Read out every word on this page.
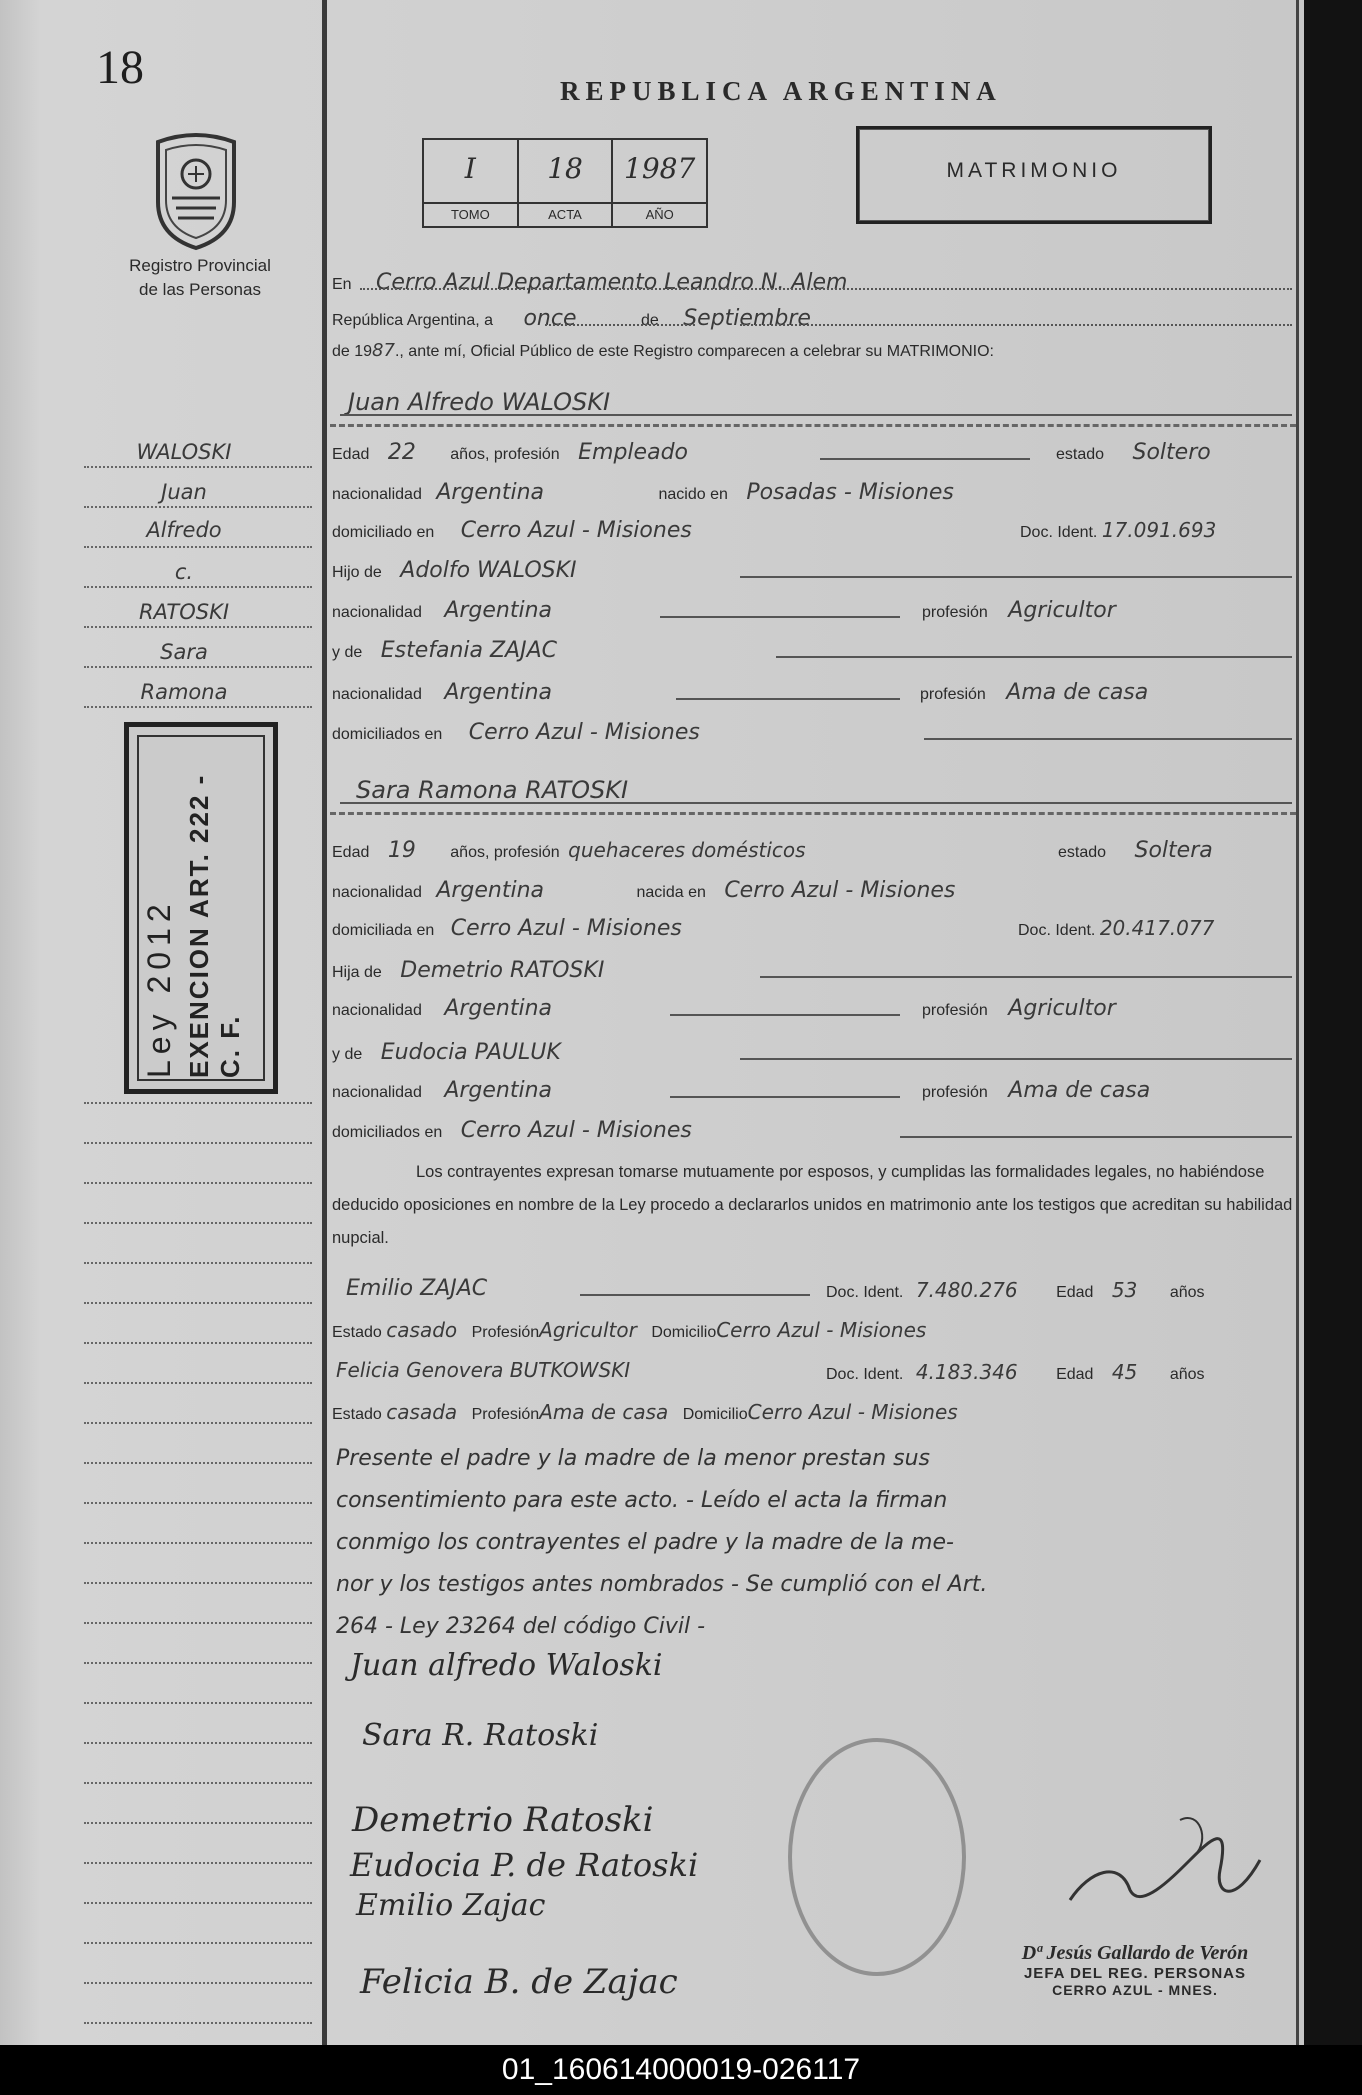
18
Registro Provincial
de las Personas
REPUBLICA ARGENTINA
I
TOMO
18
ACTA
1987
AÑO
MATRIMONIO
En Cerro Azul Departamento Leandro N. Alem
República Argentina, a once	de Septiembre
de 1987., ante mí, Oficial Público de este Registro comparecen a celebrar su MATRIMONIO:
Juan Alfredo WALOSKI
Edad 22 años, profesión Empleado	estado Soltero
nacionalidad Argentina	nacido en Posadas - Misiones
domiciliado en Cerro Azul - Misiones	Doc. Ident. 17.091.693
Hijo de Adolfo WALOSKI
nacionalidad Argentina	profesión Agricultor
y de Estefania ZAJAC
nacionalidad Argentina	profesión Ama de casa
domiciliados en Cerro Azul - Misiones
Sara Ramona RATOSKI
Edad 19 años, profesión quehaceres domésticos	estado Soltera
nacionalidad Argentina	nacida en Cerro Azul - Misiones
domiciliada en Cerro Azul - Misiones	Doc. Ident. 20.417.077
Hija de Demetrio RATOSKI
nacionalidad Argentina	profesión Agricultor
y de Eudocia PAULUK
nacionalidad Argentina	profesión Ama de casa
domiciliados en Cerro Azul - Misiones
Los contrayentes expresan tomarse mutuamente por esposos, y cumplidas las formalidades legales, no habiéndose deducido oposiciones en nombre de la Ley procedo a declararlos unidos en matrimonio ante los testigos que acreditan su habilidad nupcial.
Emilio ZAJAC	Doc. Ident. 7.480.276 Edad 53 años
Estado casado ProfesiónAgricultor DomicilioCerro Azul - Misiones
Felicia Genovera BUTKOWSKI	Doc. Ident. 4.183.346 Edad 45 años
Estado casada ProfesiónAma de casa DomicilioCerro Azul - Misiones
Presente el padre y la madre de la menor prestan sus
consentimiento para este acto. - Leído el acta la firman
conmigo los contrayentes el padre y la madre de la me-
nor y los testigos antes nombrados - Se cumplió con el Art.
264 - Ley 23264 del código Civil -
Juan alfredo Waloski
Sara R. Ratoski
Demetrio Ratoski
Eudocia P. de Ratoski
Emilio Zajac
Felicia B. de Zajac
Dª Jesús Gallardo de Verón
JEFA DEL REG. PERSONAS
CERRO AZUL - MNES.
WALOSKI
Juan
Alfredo
c.
RATOSKI
Sara
Ramona
Ley 2012 EXENCION ART. 222 - C. F.
01_160614000019-026117
